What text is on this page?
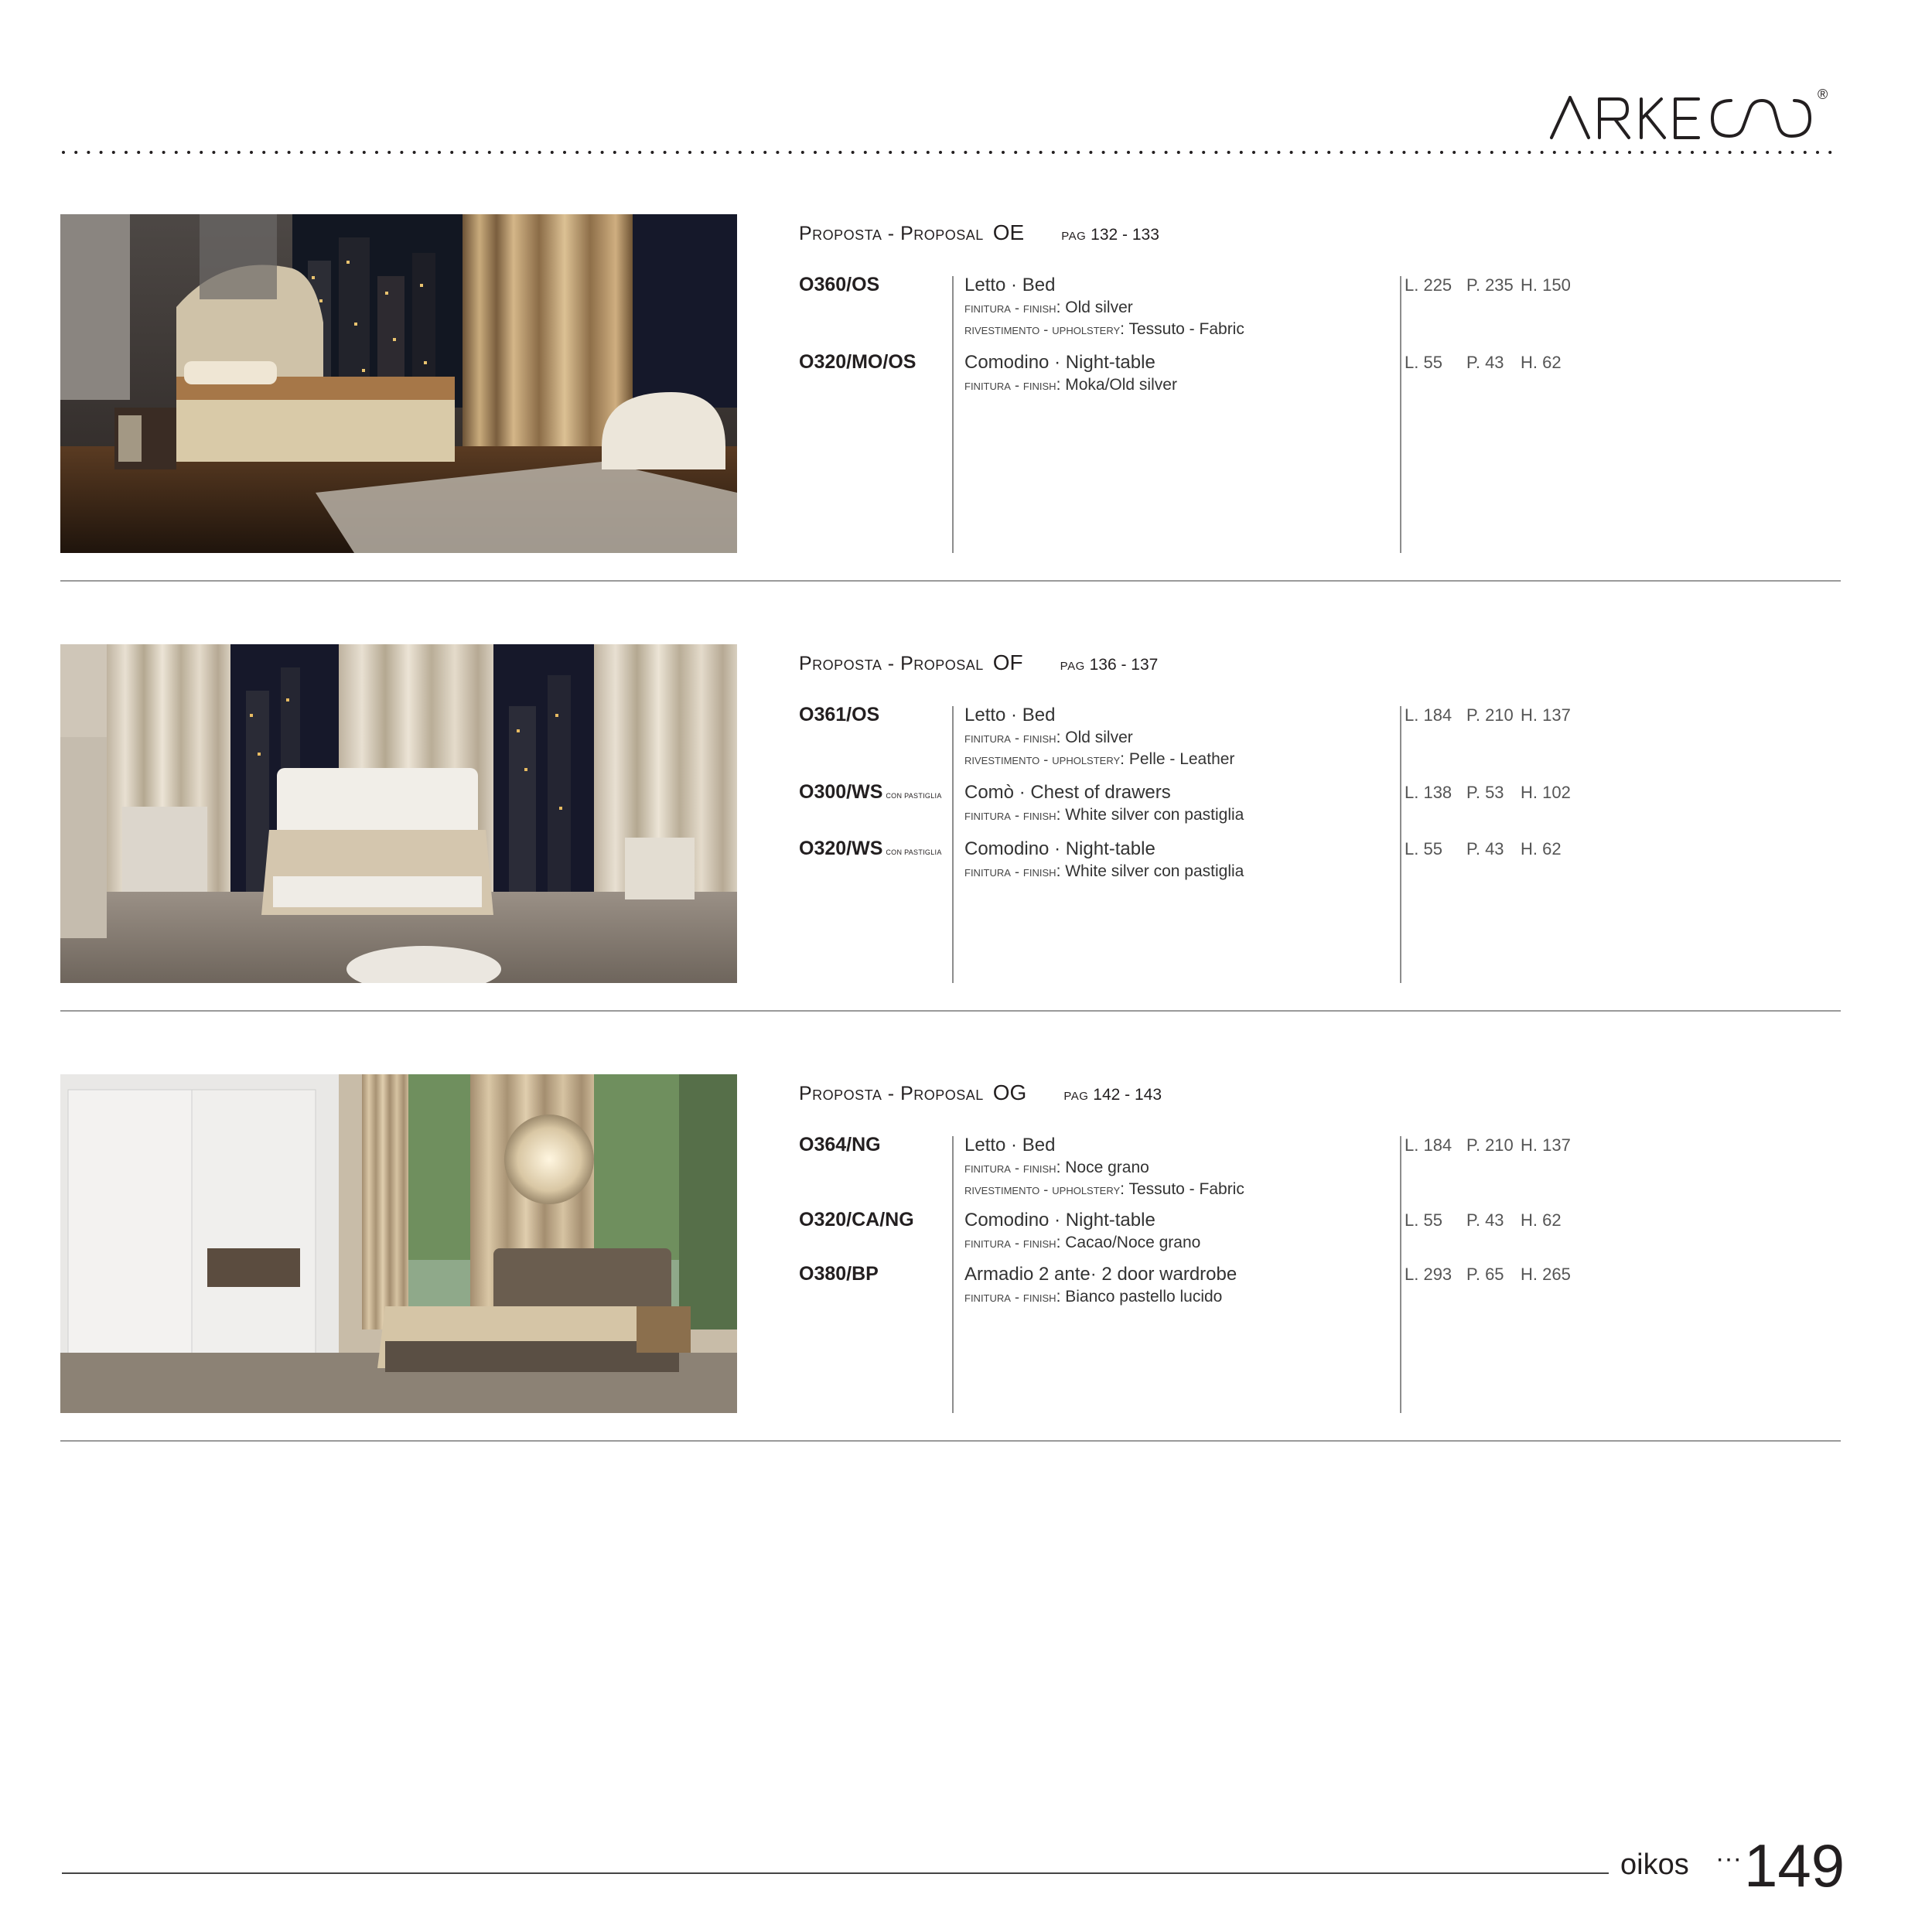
®
Proposta - Proposal OE pag 132 - 133
O360/OS	Letto · Bed
finitura - finish: Old silver
rivestimento - upholstery: Tessuto - Fabric
L. 225 P. 235 H. 150
O320/MO/OS	Comodino · Night-table
finitura - finish: Moka/Old silver
L. 55 P. 43 H. 62
Proposta - Proposal OF pag 136 - 137
O361/OS	Letto · Bed
finitura - finish: Old silver
rivestimento - upholstery: Pelle - Leather
L. 184 P. 210 H. 137
O300/WS CON PASTIGLIA Comò · Chest of drawers
finitura - finish: White silver con pastiglia
L. 138 P. 53 H. 102
O320/WS CON PASTIGLIA Comodino · Night-table
finitura - finish: White silver con pastiglia
L. 55 P. 43 H. 62
Proposta - Proposal OG pag 142 - 143
O364/NG	Letto · Bed
finitura - finish: Noce grano
rivestimento - upholstery: Tessuto - Fabric
L. 184 P. 210 H. 137
O320/CA/NG	Comodino · Night-table
finitura - finish: Cacao/Noce grano
L. 55 P. 43 H. 62
O380/BP	Armadio 2 ante· 2 door wardrobe
finitura - finish: Bianco pastello lucido
L. 293 P. 65 H. 265
oikos ··· 149
